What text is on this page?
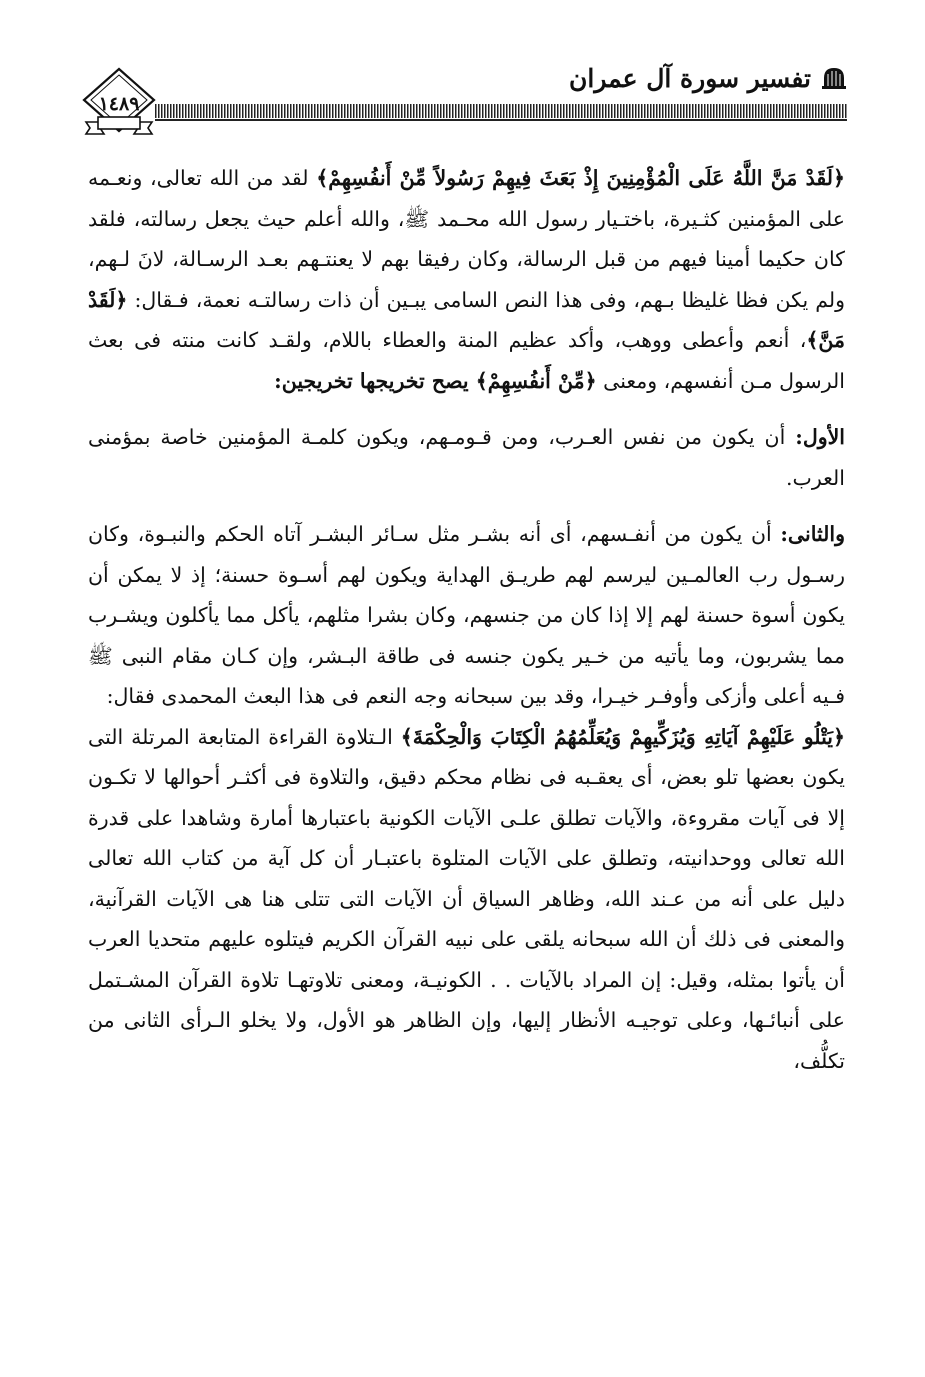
تفسير سورة آل عمران
١٤٨٩

﴿لَقَدْ مَنَّ اللَّهُ عَلَى الْمُؤْمِنِينَ إِذْ بَعَثَ فِيهِمْ رَسُولاً مِّنْ أَنفُسِهِمْ﴾ لقد من الله تعالى، ونعـمه على المؤمنين كثـيرة، باختـيار رسول الله محـمد ﷺ، والله أعلم حيث يجعل رسالته، فلقد كان حكيما أمينا فيهم من قبل الرسالة، وكان رفيقا بهم لا يعنتـهم بعـد الرسـالة، لانَ لـهم، ولم يكن فظا غليظا بـهم، وفى هذا النص السامى يبـين أن ذات رسالتـه نعمة، فـقال: ﴿لَقَدْ مَنَّ﴾، أنعم وأعطى ووهب، وأكد عظيم المنة والعطاء باللام، ولقـد كانت منته فى بعث الرسول مـن أنفسهم، ومعنى ﴿مِّنْ أَنفُسِهِمْ﴾ يصح تخريجها تخريجين:

الأول: أن يكون من نفس العـرب، ومن قـومـهم، ويكون كلمـة المؤمنين خاصة بمؤمنى العرب.

والثانى: أن يكون من أنفـسهم، أى أنه بشـر مثل سـائر البشـر آتاه الحكم والنبـوة، وكان رسـول رب العالمـين ليرسم لهم طريـق الهداية ويكون لهم أسـوة حسنة؛ إذ لا يمكن أن يكون أسوة حسنة لهم إلا إذا كان من جنسهم، وكان بشرا مثلهم، يأكل مما يأكلون ويشـرب مما يشربون، وما يأتيه من خـير يكون جنسه فى طاقة البـشر، وإن كـان مقام النبى ﷺ فـيه أعلى وأزكى وأوفـر خيـرا، وقد بين سبحانه وجه النعم فى هذا البعث المحمدى فقال:

﴿يَتْلُو عَلَيْهِمْ آيَاتِهِ وَيُزَكِّيهِمْ وَيُعَلِّمُهُمُ الْكِتَابَ وَالْحِكْمَةَ﴾ الـتلاوة القراءة المتابعة المرتلة التى يكون بعضها تلو بعض، أى يعقـبه فى نظام محكم دقيق، والتلاوة فى أكثـر أحوالها لا تكـون إلا فى آيات مقروءة، والآيات تطلق علـى الآيات الكونية باعتبارها أمارة وشاهدا على قدرة الله تعالى ووحدانيته، وتطلق على الآيات المتلوة باعتبـار أن كل آية من كتاب الله تعالى دليل على أنه من عـند الله، وظاهر السياق أن الآيات التى تتلى هنا هى الآيات القرآنية، والمعنى فى ذلك أن الله سبحانه يلقى على نبيه القرآن الكريم فيتلوه عليهم متحديا العرب أن يأتوا بمثله، وقيل: إن المراد بالآيات . . الكونيـة، ومعنى تلاوتهـا تلاوة القرآن المشـتمل على أنبائـها، وعلى توجيـه الأنظار إليها، وإن الظاهر هو الأول، ولا يخلو الـرأى الثانى من تكلُّف،
